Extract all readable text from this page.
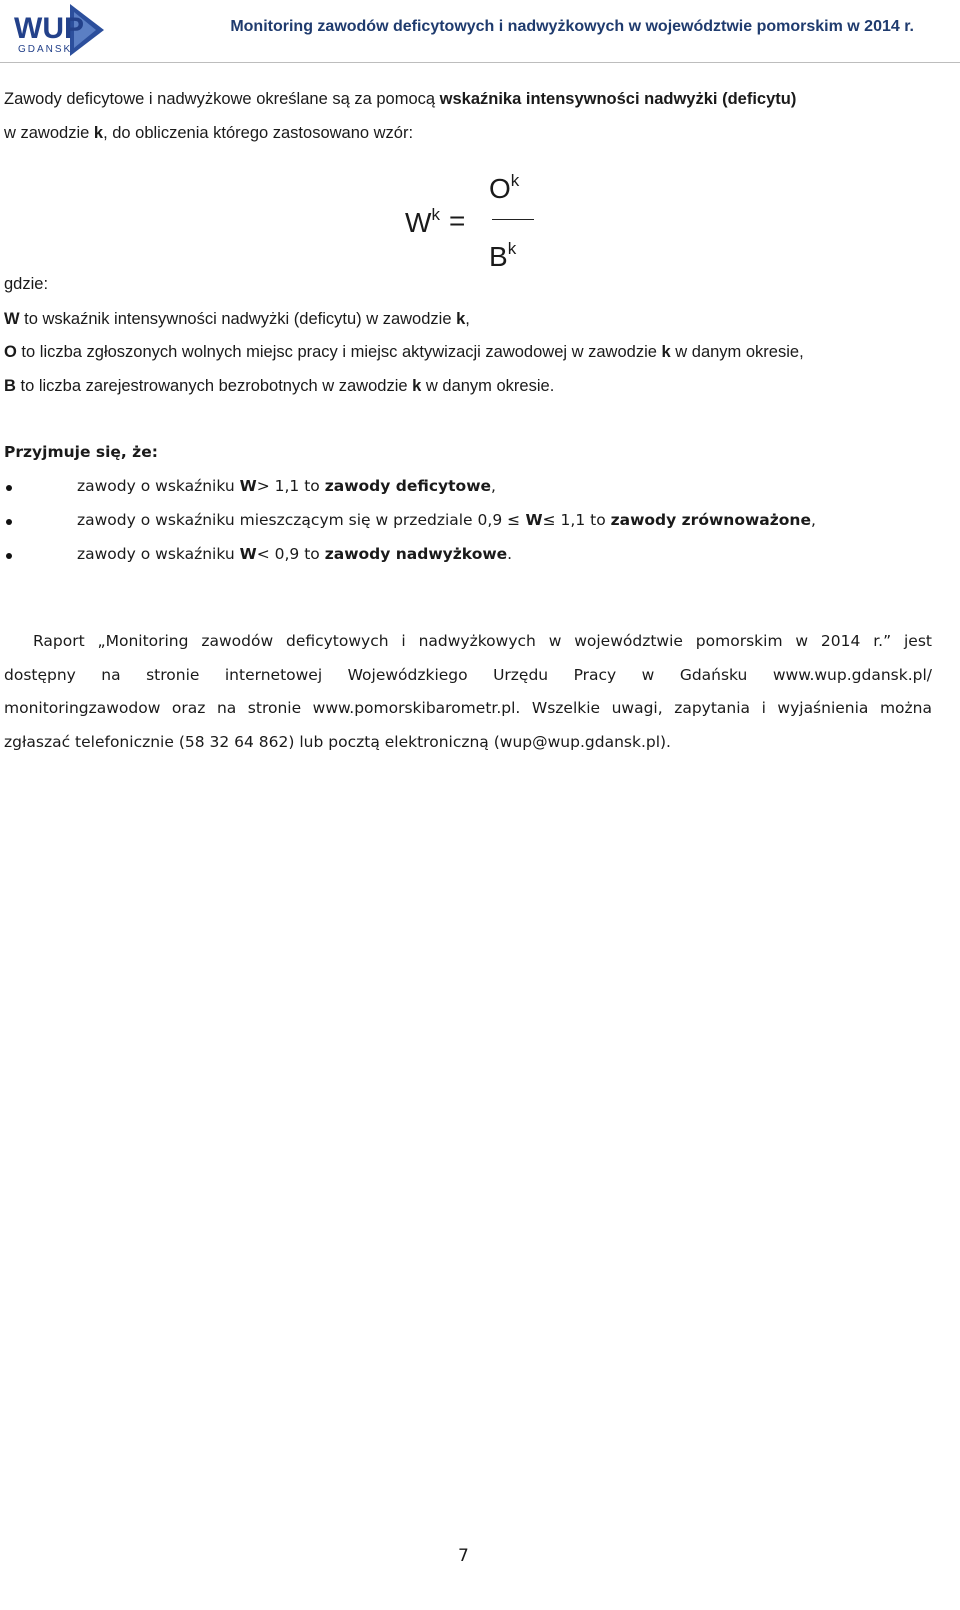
WUP
GDANSK
Monitoring zawodów deficytowych i nadwyżkowych w województwie pomorskim w 2014 r.
Zawody deficytowe i nadwyżkowe określane są za pomocą wskaźnika intensywności nadwyżki (deficytu)
w zawodzie k, do obliczenia którego zastosowano wzór:
$W^k$ =
$O^k$
$B^k$
gdzie:
W to wskaźnik intensywności nadwyżki (deficytu) w zawodzie k,
O to liczba zgłoszonych wolnych miejsc pracy i miejsc aktywizacji zawodowej w zawodzie k w danym okresie,
B to liczba zarejestrowanych bezrobotnych w zawodzie k w danym okresie.
Przyjmuje się, że:
zawody o wskaźniku W> 1,1 to zawody deficytowe,
zawody o wskaźniku mieszczącym się w przedziale 0,9 ≤ W≤ 1,1 to zawody zrównoważone,
zawody o wskaźniku W< 0,9 to zawody nadwyżkowe.
Raport „Monitoring zawodów deficytowych i nadwyżkowych w województwie pomorskim w 2014 r.” jest
dostępny na stronie internetowej Wojewódzkiego Urzędu Pracy w Gdańsku www.wup.gdansk.pl/
monitoringzawodow oraz na stronie www.pomorskibarometr.pl. Wszelkie uwagi, zapytania i wyjaśnienia można
zgłaszać telefonicznie (58 32 64 862) lub pocztą elektroniczną (wup@wup.gdansk.pl).
7
